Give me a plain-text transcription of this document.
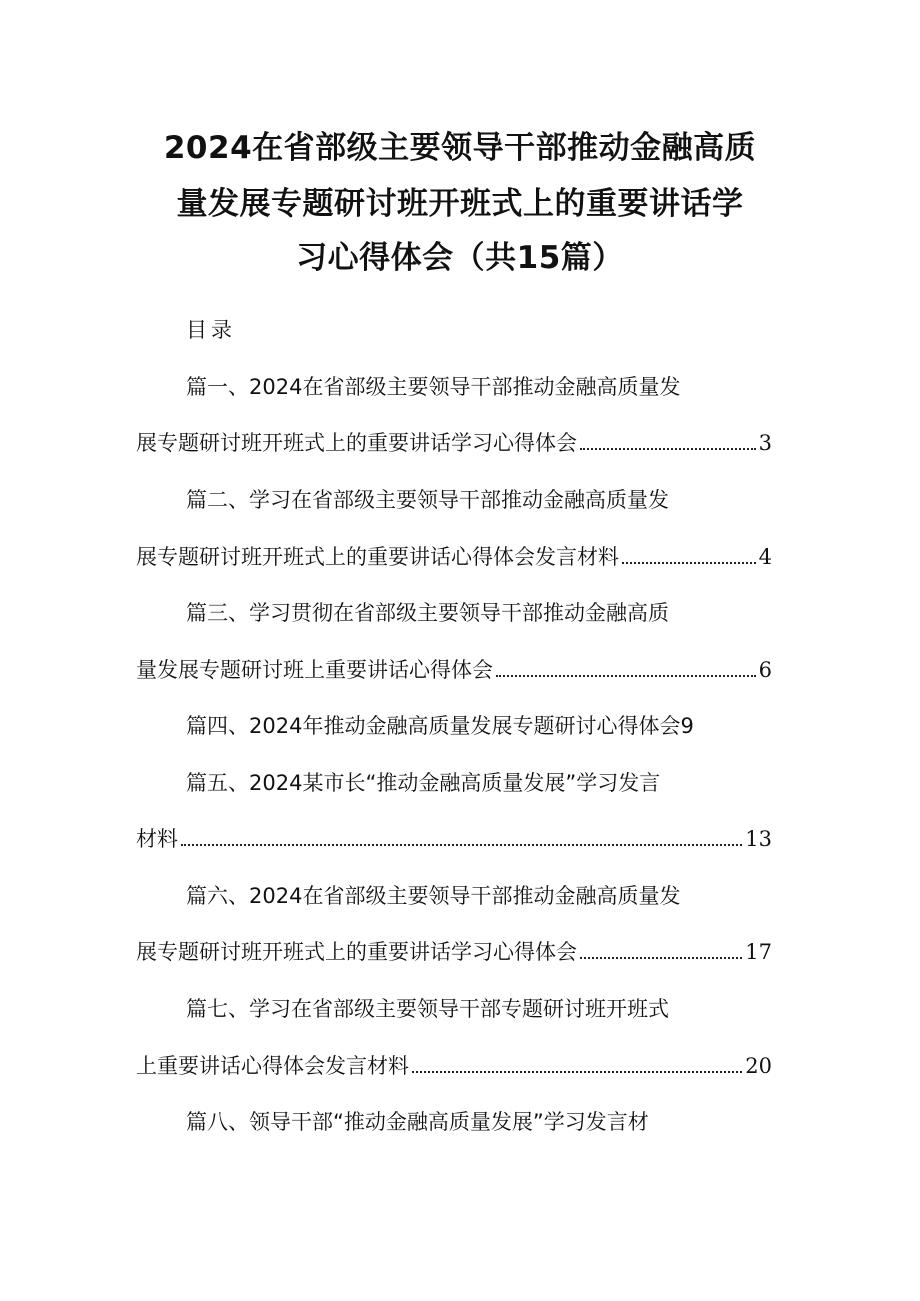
2024在省部级主要领导干部推动金融高质
量发展专题研讨班开班式上的重要讲话学
习心得体会（共15篇）
目录
篇一、2024在省部级主要领导干部推动金融高质量发
展专题研讨班开班式上的重要讲话学习心得体会	3
篇二、学习在省部级主要领导干部推动金融高质量发
展专题研讨班开班式上的重要讲话心得体会发言材料	4
篇三、学习贯彻在省部级主要领导干部推动金融高质
量发展专题研讨班上重要讲话心得体会	6
篇四、2024年推动金融高质量发展专题研讨心得体会9
篇五、2024某市长“推动金融高质量发展”学习发言
材料	13
篇六、2024在省部级主要领导干部推动金融高质量发
展专题研讨班开班式上的重要讲话学习心得体会	17
篇七、学习在省部级主要领导干部专题研讨班开班式
上重要讲话心得体会发言材料	20
篇八、领导干部“推动金融高质量发展”学习发言材
